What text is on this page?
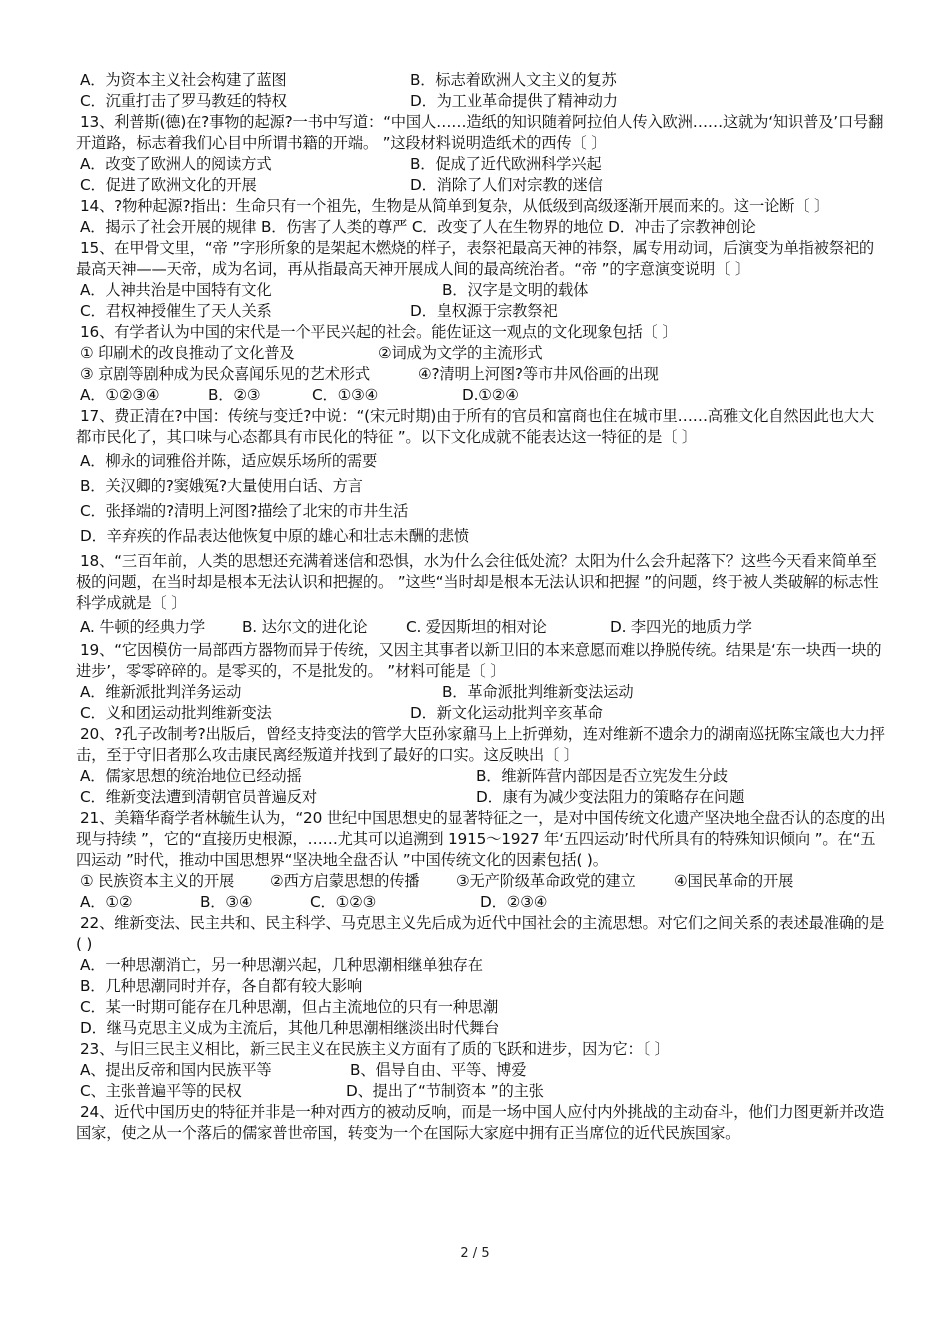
A．为资本主义社会构建了蓝图	B．标志着欧洲人文主义的复苏
C．沉重打击了罗马教廷的特权	D．为工业革命提供了精神动力

13、利普斯(德)在?事物的起源?一书中写道：“中国人……造纸的知识随着阿拉伯人传入欧洲……这就为‘知识普及’口号翻开道路，标志着我们心目中所谓书籍的开端。 ”这段材料说明造纸术的西传〔 〕

A．改变了欧洲人的阅读方式	B．促成了近代欧洲科学兴起
C．促进了欧洲文化的开展	D．消除了人们对宗教的迷信

14、?物种起源?指出：生命只有一个祖先，生物是从简单到复杂，从低级到高级逐渐开展而来的。这一论断〔 〕

A．揭示了社会开展的规律 B．伤害了人类的尊严 C．改变了人在生物界的地位 D．冲击了宗教神创论

15、在甲骨文里，“帝 ”字形所象的是架起木燃烧的样子，表祭祀最高天神的祎祭，属专用动词，后演变为单指被祭祀的最高天神——天帝，成为名词，再从指最高天神开展成人间的最高统治者。“帝 ”的字意演变说明〔 〕

A．人神共治是中国特有文化	B．汉字是文明的载体
C．君权神授催生了天人关系	D．皇权源于宗教祭祀

16、有学者认为中国的宋代是一个平民兴起的社会。能佐证这一观点的文化现象包括〔 〕

① 印刷术的改良推动了文化普及	②词成为文学的主流形式
③ 京剧等剧种成为民众喜闻乐见的艺术形式	④?清明上河图?等市井风俗画的出现
A．①②③④	B．②③	C．①③④	D.①②④

17、费正清在?中国：传统与变迁?中说：“(宋元时期)由于所有的官员和富商也住在城市里……高雅文化自然因此也大大都市民化了，其口味与心态都具有市民化的特征 ”。以下文化成就不能表达这一特征的是〔 〕

A．柳永的词雅俗并陈，适应娱乐场所的需要
B．关汉卿的?窦娥冤?大量使用白话、方言
C．张择端的?清明上河图?描绘了北宋的市井生活
D．辛弃疾的作品表达他恢复中原的雄心和壮志未酬的悲愤

18、“三百年前，人类的思想还充满着迷信和恐惧，水为什么会往低处流？太阳为什么会升起落下？这些今天看来简单至极的问题，在当时却是根本无法认识和把握的。 ”这些“当时却是根本无法认识和把握 ”的问题，终于被人类破解的标志性科学成就是〔 〕

A. 牛顿的经典力学	B. 达尔文的进化论	C. 爱因斯坦的相对论	D. 李四光的地质力学

19、“它因模仿一局部西方器物而异于传统，又因主其事者以新卫旧的本来意愿而难以挣脱传统。结果是‘东一块西一块的进步’，零零碎碎的。是零买的，不是批发的。 ”材料可能是〔 〕

A．维新派批判洋务运动	B．革命派批判维新变法运动
C．义和团运动批判维新变法	D．新文化运动批判辛亥革命

20、?孔子改制考?出版后，曾经支持变法的管学大臣孙家鼐马上上折弹劾，连对维新不遗余力的湖南巡抚陈宝箴也大力抨击，至于守旧者那么攻击康民离经叛道并找到了最好的口实。这反映出〔 〕

A．儒家思想的统治地位已经动摇	B．维新阵营内部因是否立宪发生分歧
C．维新变法遭到清朝官员普遍反对	D．康有为减少变法阻力的策略存在问题

21、美籍华裔学者林毓生认为，“20 世纪中国思想史的显著特征之一，是对中国传统文化遗产坚决地全盘否认的态度的出现与持续 ”，它的“直接历史根源，……尤其可以追溯到 1915～1927 年‘五四运动’时代所具有的特殊知识倾向 ”。在“五四运动 ”时代，推动中国思想界“坚决地全盘否认 ”中国传统文化的因素包括( )。

① 民族资本主义的开展	②西方启蒙思想的传播	③无产阶级革命政党的建立	④国民革命的开展
A．①②	B．③④	C．①②③	D．②③④

22、维新变法、民主共和、民主科学、马克思主义先后成为近代中国社会的主流思想。对它们之间关系的表述最准确的是( )

A．一种思潮消亡，另一种思潮兴起，几种思潮相继单独存在
B．几种思潮同时并存，各自都有较大影响
C．某一时期可能存在几种思潮，但占主流地位的只有一种思潮
D．继马克思主义成为主流后，其他几种思潮相继淡出时代舞台

23、与旧三民主义相比，新三民主义在民族主义方面有了质的飞跃和进步，因为它：〔 〕

A、提出反帝和国内民族平等	B、倡导自由、平等、博爱
C、主张普遍平等的民权	D、提出了“节制资本 ”的主张

24、近代中国历史的特征并非是一种对西方的被动反响，而是一场中国人应付内外挑战的主动奋斗，他们力图更新并改造国家，使之从一个落后的儒家普世帝国，转变为一个在国际大家庭中拥有正当席位的近代民族国家。

2 / 5
